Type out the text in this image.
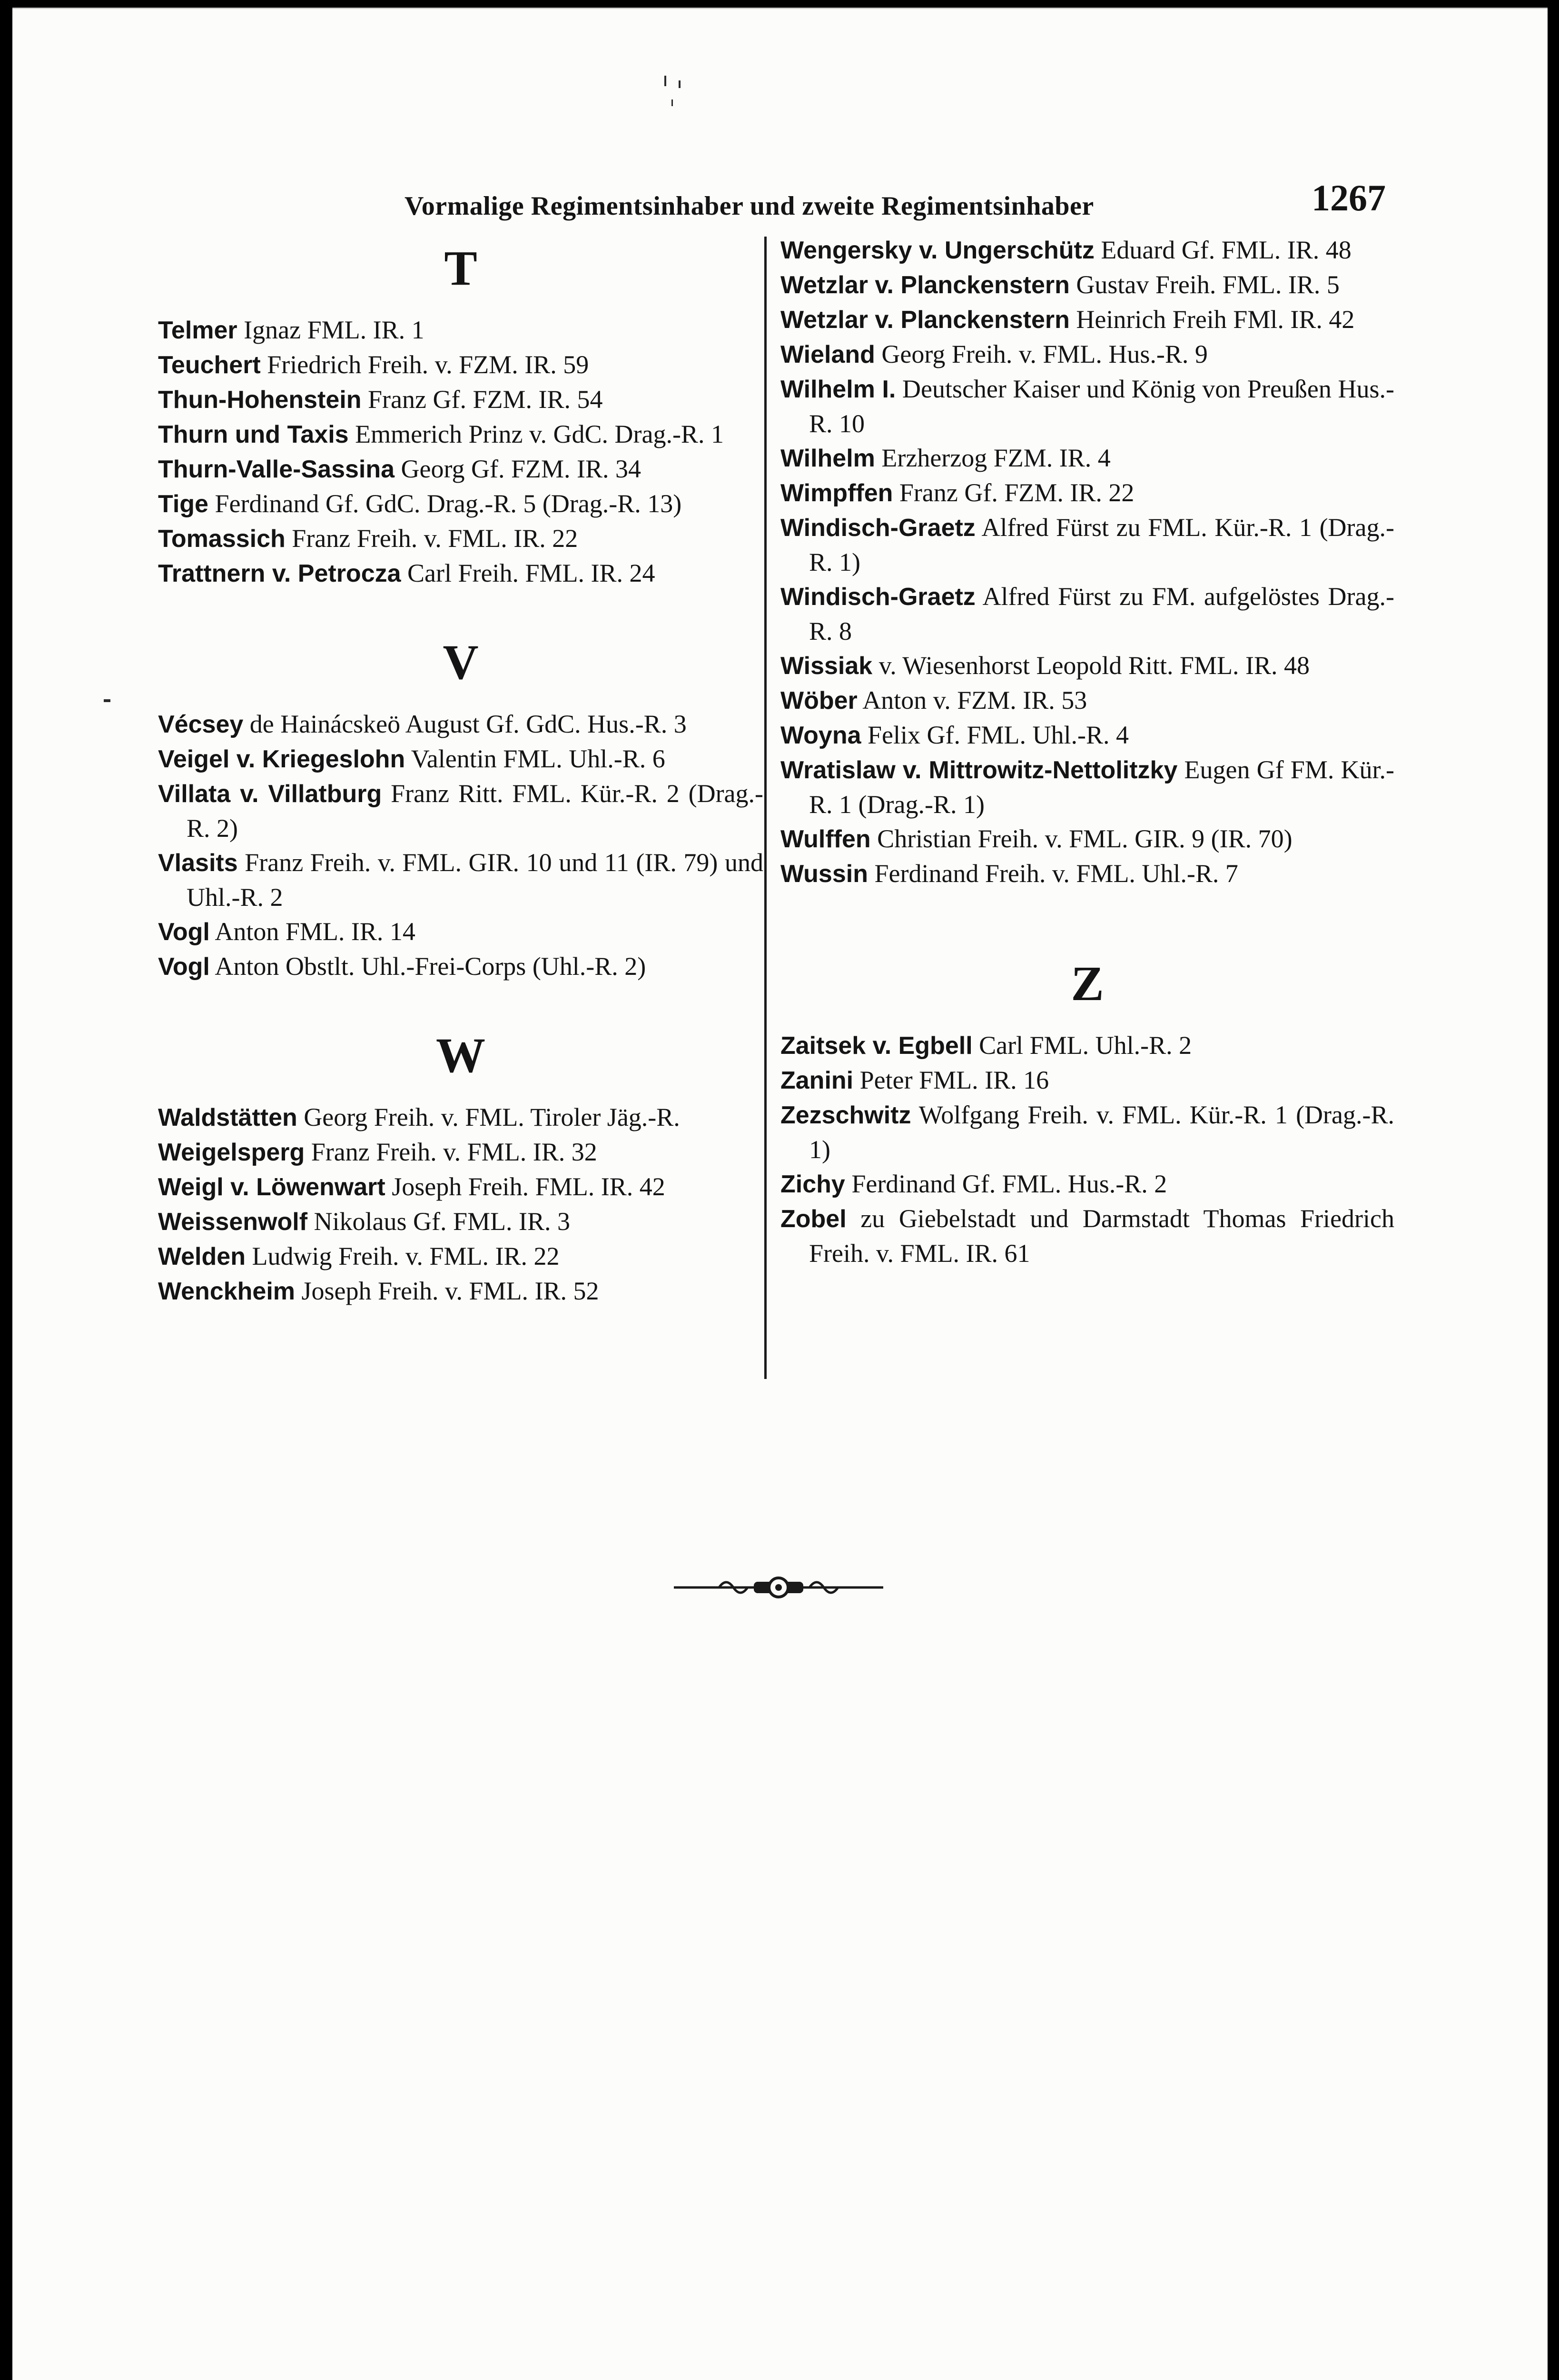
Vormalige Regimentsinhaber und zweite Regimentsinhaber	1267
T
Telmer Ignaz FML. IR. 1
Teuchert Friedrich Freih. v. FZM. IR. 59
Thun-Hohenstein Franz Gf. FZM. IR. 54
Thurn und Taxis Emmerich Prinz v. GdC. Drag.-R. 1
Thurn-Valle-Sassina Georg Gf. FZM. IR. 34
Tige Ferdinand Gf. GdC. Drag.-R. 5 (Drag.-R. 13)
Tomassich Franz Freih. v. FML. IR. 22
Trattnern v. Petrocza Carl Freih. FML. IR. 24
V
Vécsey de Hainácskeö August Gf. GdC. Hus.-R. 3
Veigel v. Kriegeslohn Valentin FML. Uhl.-R. 6
Villata v. Villatburg Franz Ritt. FML. Kür.-R. 2 (Drag.-R. 2)
Vlasits Franz Freih. v. FML. GIR. 10 und 11 (IR. 79) und Uhl.-R. 2
Vogl Anton FML. IR. 14
Vogl Anton Obstlt. Uhl.-Frei-Corps (Uhl.-R. 2)
W
Waldstätten Georg Freih. v. FML. Tiroler Jäg.-R.
Weigelsperg Franz Freih. v. FML. IR. 32
Weigl v. Löwenwart Joseph Freih. FML. IR. 42
Weissenwolf Nikolaus Gf. FML. IR. 3
Welden Ludwig Freih. v. FML. IR. 22
Wenckheim Joseph Freih. v. FML. IR. 52
Wengersky v. Ungerschütz Eduard Gf. FML. IR. 48
Wetzlar v. Planckenstern Gustav Freih. FML. IR. 5
Wetzlar v. Planckenstern Heinrich Freih FMl. IR. 42
Wieland Georg Freih. v. FML. Hus.-R. 9
Wilhelm I. Deutscher Kaiser und König von Preußen Hus.-R. 10
Wilhelm Erzherzog FZM. IR. 4
Wimpffen Franz Gf. FZM. IR. 22
Windisch-Graetz Alfred Fürst zu FML. Kür.-R. 1 (Drag.-R. 1)
Windisch-Graetz Alfred Fürst zu FM. aufgelöstes Drag.-R. 8
Wissiak v. Wiesenhorst Leopold Ritt. FML. IR. 48
Wöber Anton v. FZM. IR. 53
Woyna Felix Gf. FML. Uhl.-R. 4
Wratislaw v. Mittrowitz-Nettolitzky Eugen Gf FM. Kür.-R. 1 (Drag.-R. 1)
Wulffen Christian Freih. v. FML. GIR. 9 (IR. 70)
Wussin Ferdinand Freih. v. FML. Uhl.-R. 7
Z
Zaitsek v. Egbell Carl FML. Uhl.-R. 2
Zanini Peter FML. IR. 16
Zezschwitz Wolfgang Freih. v. FML. Kür.-R. 1 (Drag.-R. 1)
Zichy Ferdinand Gf. FML. Hus.-R. 2
Zobel zu Giebelstadt und Darmstadt Thomas Friedrich Freih. v. FML. IR. 61
